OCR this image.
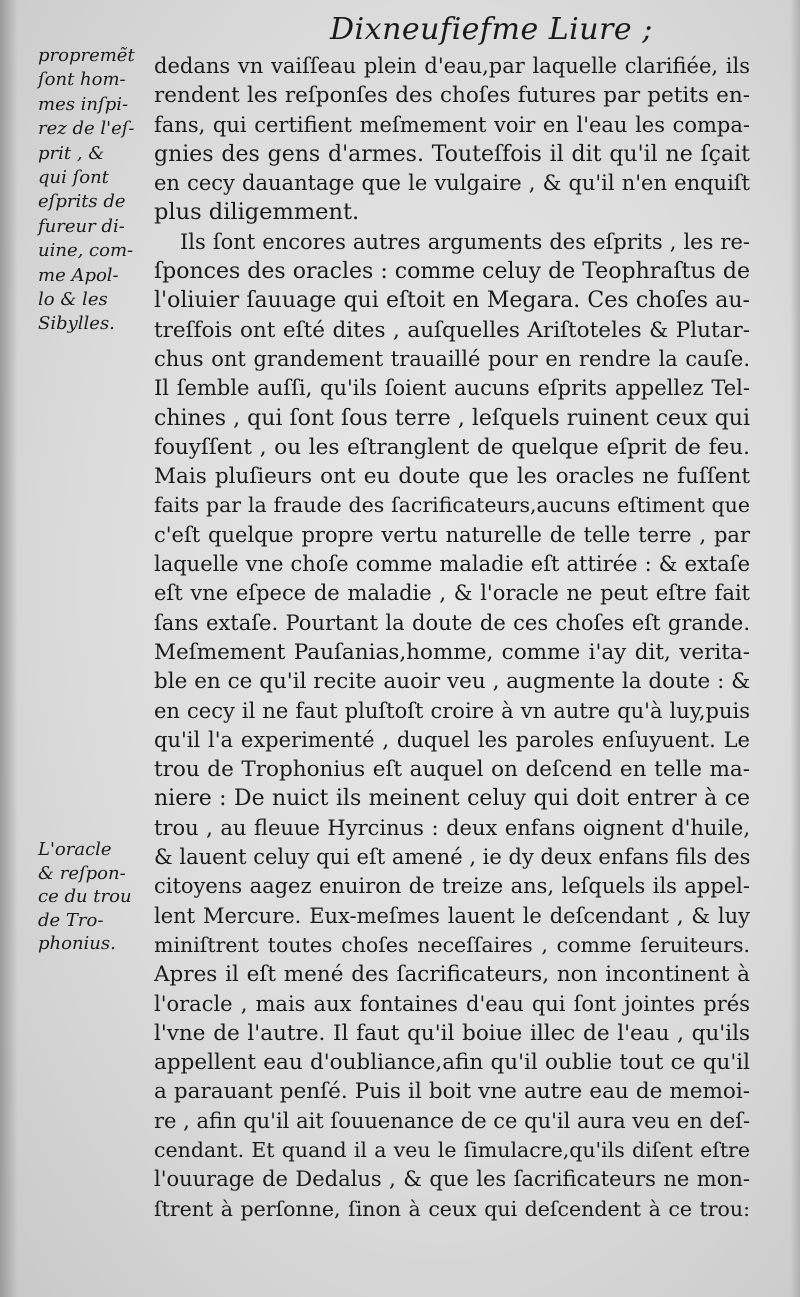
Dixneufiefme Liure ;
propremẽt
ſont hom-
mes inſpi-
rez de l'eſ-
prit , &
qui ſont
eſprits de
fureur di-
uine, com-
me Apol-
lo & les
Sibylles.
L'oracle
& reſpon-
ce du trou
de Tro-
phonius.
dedans vn vaiſſeau plein d'eau,par laquelle clarifiée, ils
rendent les reſponſes des choſes futures par petits en-
fans, qui certifient meſmement voir en l'eau les compa-
gnies des gens d'armes. Touteſfois il dit qu'il ne ſçait
en cecy dauantage que le vulgaire , & qu'il n'en enquiſt
plus diligemment.
Ils ſont encores autres arguments des eſprits , les re-
ſponces des oracles : comme celuy de Teophraſtus de
l'oliuier ſauuage qui eſtoit en Megara. Ces choſes au-
treſfois ont eſté dites , auſquelles Ariſtoteles & Plutar-
chus ont grandement trauaillé pour en rendre la cauſe.
Il ſemble auſſi, qu'ils ſoient aucuns eſprits appellez Tel-
chines , qui ſont ſous terre , leſquels ruinent ceux qui
fouyſſent , ou les eſtranglent de quelque eſprit de feu.
Mais pluſieurs ont eu doute que les oracles ne fuſſent
faits par la fraude des ſacrificateurs,aucuns eſtiment que
c'eſt quelque propre vertu naturelle de telle terre , par
laquelle vne choſe comme maladie eſt attirée : & extaſe
eſt vne eſpece de maladie , & l'oracle ne peut eſtre fait
ſans extaſe. Pourtant la doute de ces choſes eſt grande.
Meſmement Pauſanias,homme, comme i'ay dit, verita-
ble en ce qu'il recite auoir veu , augmente la doute : &
en cecy il ne faut pluſtoſt croire à vn autre qu'à luy,puis
qu'il l'a experimenté , duquel les paroles enſuyuent. Le
trou de Trophonius eſt auquel on deſcend en telle ma-
niere : De nuict ils meinent celuy qui doit entrer à ce
trou , au fleuue Hyrcinus : deux enfans oignent d'huile,
& lauent celuy qui eſt amené , ie dy deux enfans fils des
citoyens aagez enuiron de treize ans, leſquels ils appel-
lent Mercure. Eux-meſmes lauent le deſcendant , & luy
miniſtrent toutes choſes neceſſaires , comme ſeruiteurs.
Apres il eſt mené des ſacrificateurs, non incontinent à
l'oracle , mais aux fontaines d'eau qui ſont jointes prés
l'vne de l'autre. Il faut qu'il boiue illec de l'eau , qu'ils
appellent eau d'oubliance,afin qu'il oublie tout ce qu'il
a parauant penſé. Puis il boit vne autre eau de memoi-
re , afin qu'il ait ſouuenance de ce qu'il aura veu en deſ-
cendant. Et quand il a veu le ſimulacre,qu'ils diſent eſtre
l'ouurage de Dedalus , & que les ſacrificateurs ne mon-
ſtrent à perſonne, ſinon à ceux qui deſcendent à ce trou:
